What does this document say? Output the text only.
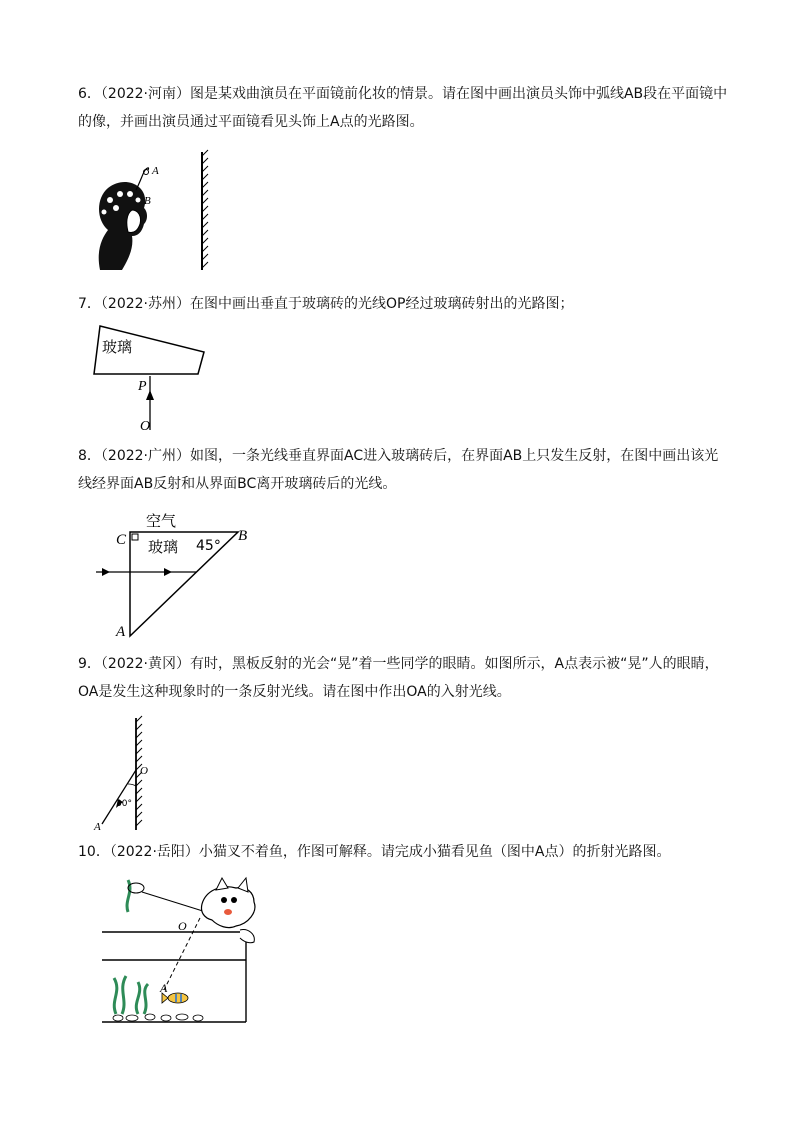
6．（2022·河南）图是某戏曲演员在平面镜前化妆的情景。请在图中画出演员头饰中弧线AB段在平面镜中的像，并画出演员通过平面镜看见头饰上A点的光路图。
A
B
7．（2022·苏州）在图中画出垂直于玻璃砖的光线OP经过玻璃砖射出的光路图；
玻璃
P
O
8．（2022·广州）如图，一条光线垂直界面AC进入玻璃砖后，在界面AB上只发生反射，在图中画出该光线经界面AB反射和从界面BC离开玻璃砖后的光线。
空气
玻璃 45°
C	B
A
9．（2022·黄冈）有时，黑板反射的光会“晃”着一些同学的眼睛。如图所示，A点表示被“晃”人的眼睛，OA是发生这种现象时的一条反射光线。请在图中作出OA的入射光线。
O
30°
A
10．（2022·岳阳）小猫叉不着鱼，作图可解释。请完成小猫看见鱼（图中A点）的折射光路图。
A
O
